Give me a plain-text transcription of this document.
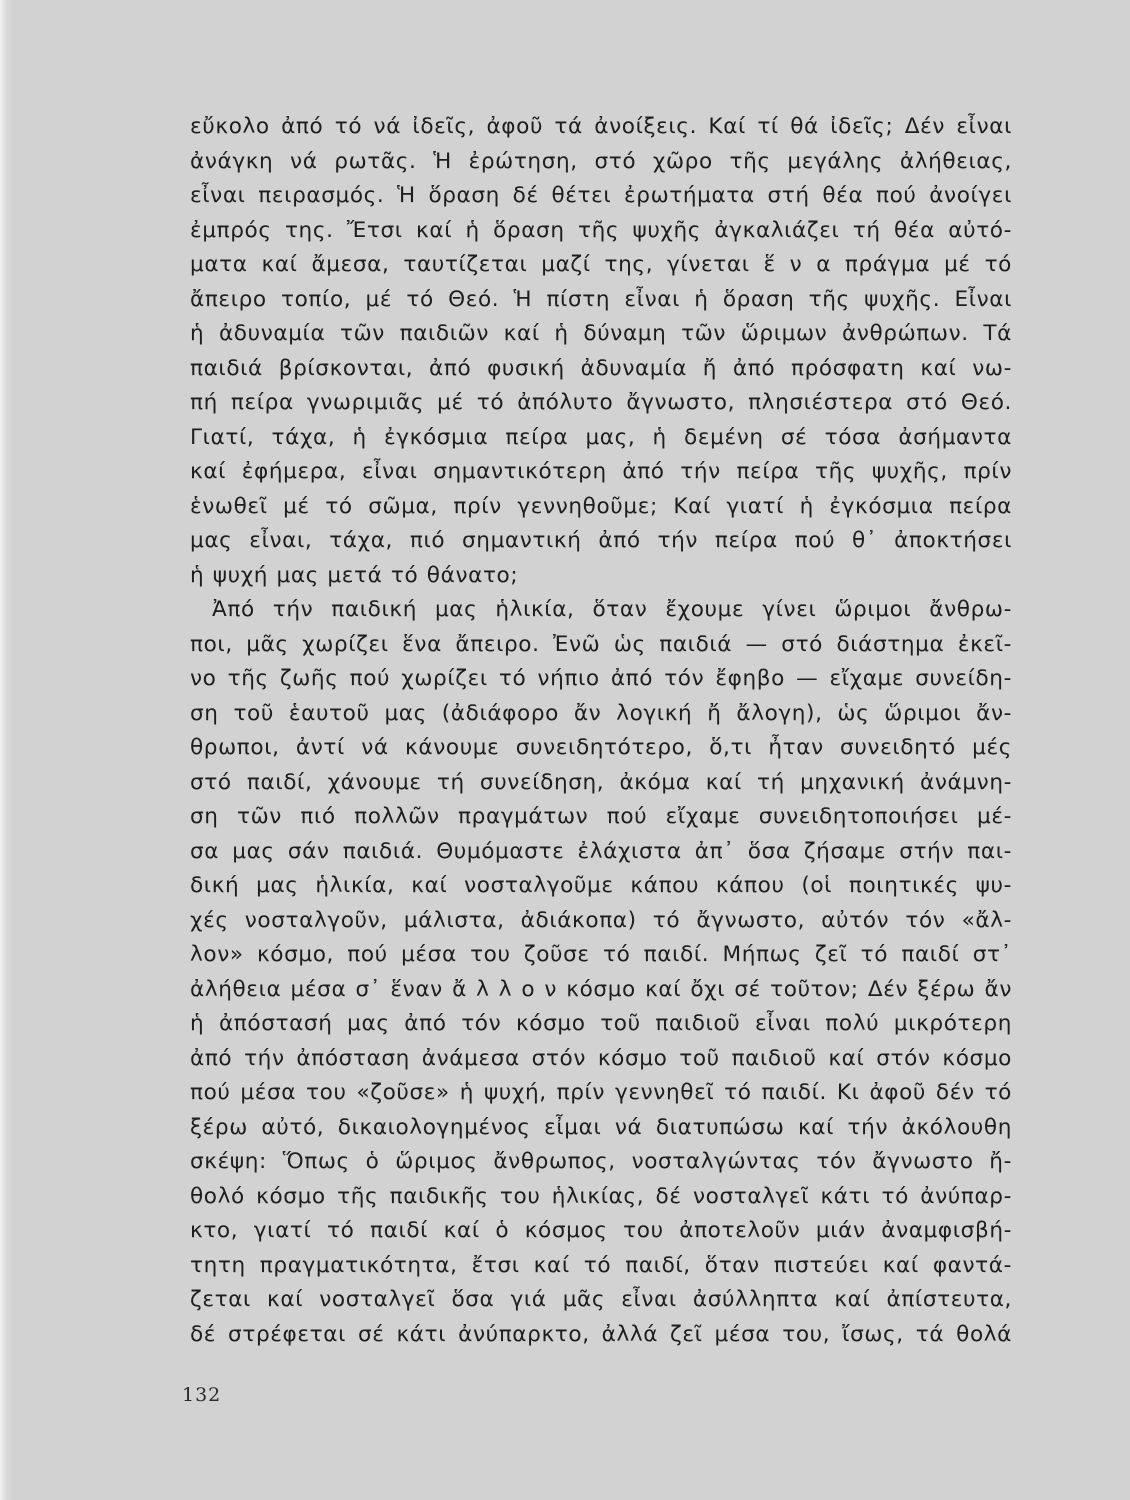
εὔκολο ἀπό τό νά ἰδεῖς, ἀφοῦ τά ἀνοίξεις. Καί τί θά ἰδεῖς; Δέν εἶναι
ἀνάγκη νά ρωτᾶς. Ἡ ἐρώτηση, στό χῶρο τῆς μεγάλης ἀλήθειας,
εἶναι πειρασμός. Ἡ ὅραση δέ θέτει ἐρωτήματα στή θέα πού ἀνοίγει
ἐμπρός της. Ἔτσι καί ἡ ὅραση τῆς ψυχῆς ἀγκαλιάζει τή θέα αὐτό-
ματα καί ἄμεσα, ταυτίζεται μαζί της, γίνεται ἕ ν α πράγμα μέ τό
ἄπειρο τοπίο, μέ τό Θεό. Ἡ πίστη εἶναι ἡ ὅραση τῆς ψυχῆς. Εἶναι
ἡ ἀδυναμία τῶν παιδιῶν καί ἡ δύναμη τῶν ὥριμων ἀνθρώπων. Τά
παιδιά βρίσκονται, ἀπό φυσική ἀδυναμία ἤ ἀπό πρόσφατη καί νω-
πή πείρα γνωριμιᾶς μέ τό ἀπόλυτο ἄγνωστο, πλησιέστερα στό Θεό.
Γιατί, τάχα, ἡ ἐγκόσμια πείρα μας, ἡ δεμένη σέ τόσα ἀσήμαντα
καί ἐφήμερα, εἶναι σημαντικότερη ἀπό τήν πείρα τῆς ψυχῆς, πρίν
ἑνωθεῖ μέ τό σῶμα, πρίν γεννηθοῦμε; Καί γιατί ἡ ἐγκόσμια πείρα
μας εἶναι, τάχα, πιό σημαντική ἀπό τήν πείρα πού θ᾿ ἀποκτήσει
ἡ ψυχή μας μετά τό θάνατο;
Ἀπό τήν παιδική μας ἡλικία, ὅταν ἔχουμε γίνει ὥριμοι ἄνθρω-
ποι, μᾶς χωρίζει ἕνα ἄπειρο. Ἐνῶ ὡς παιδιά — στό διάστημα ἐκεῖ-
νο τῆς ζωῆς πού χωρίζει τό νήπιο ἀπό τόν ἔφηβο — εἴχαμε συνείδη-
ση τοῦ ἑαυτοῦ μας (ἀδιάφορο ἄν λογική ἤ ἄλογη), ὡς ὥριμοι ἄν-
θρωποι, ἀντί νά κάνουμε συνειδητότερο, ὅ,τι ἦταν συνειδητό μές
στό παιδί, χάνουμε τή συνείδηση, ἀκόμα καί τή μηχανική ἀνάμνη-
ση τῶν πιό πολλῶν πραγμάτων πού εἴχαμε συνειδητοποιήσει μέ-
σα μας σάν παιδιά. Θυμόμαστε ἐλάχιστα ἀπ᾿ ὅσα ζήσαμε στήν παι-
δική μας ἡλικία, καί νοσταλγοῦμε κάπου κάπου (οἱ ποιητικές ψυ-
χές νοσταλγοῦν, μάλιστα, ἀδιάκοπα) τό ἄγνωστο, αὐτόν τόν «ἄλ-
λον» κόσμο, πού μέσα του ζοῦσε τό παιδί. Μήπως ζεῖ τό παιδί στ᾿
ἀλήθεια μέσα σ᾿ ἕναν ἄ λ λ ο ν κόσμο καί ὄχι σέ τοῦτον; Δέν ξέρω ἄν
ἡ ἀπόστασή μας ἀπό τόν κόσμο τοῦ παιδιοῦ εἶναι πολύ μικρότερη
ἀπό τήν ἀπόσταση ἀνάμεσα στόν κόσμο τοῦ παιδιοῦ καί στόν κόσμο
πού μέσα του «ζοῦσε» ἡ ψυχή, πρίν γεννηθεῖ τό παιδί. Κι ἀφοῦ δέν τό
ξέρω αὐτό, δικαιολογημένος εἶμαι νά διατυπώσω καί τήν ἀκόλουθη
σκέψη: Ὅπως ὁ ὥριμος ἄνθρωπος, νοσταλγώντας τόν ἄγνωστο ἤ-
θολό κόσμο τῆς παιδικῆς του ἡλικίας, δέ νοσταλγεῖ κάτι τό ἀνύπαρ-
κτο, γιατί τό παιδί καί ὁ κόσμος του ἀποτελοῦν μιάν ἀναμφισβή-
τητη πραγματικότητα, ἔτσι καί τό παιδί, ὅταν πιστεύει καί φαντά-
ζεται καί νοσταλγεῖ ὅσα γιά μᾶς εἶναι ἀσύλληπτα καί ἀπίστευτα,
δέ στρέφεται σέ κάτι ἀνύπαρκτο, ἀλλά ζεῖ μέσα του, ἴσως, τά θολά
132
